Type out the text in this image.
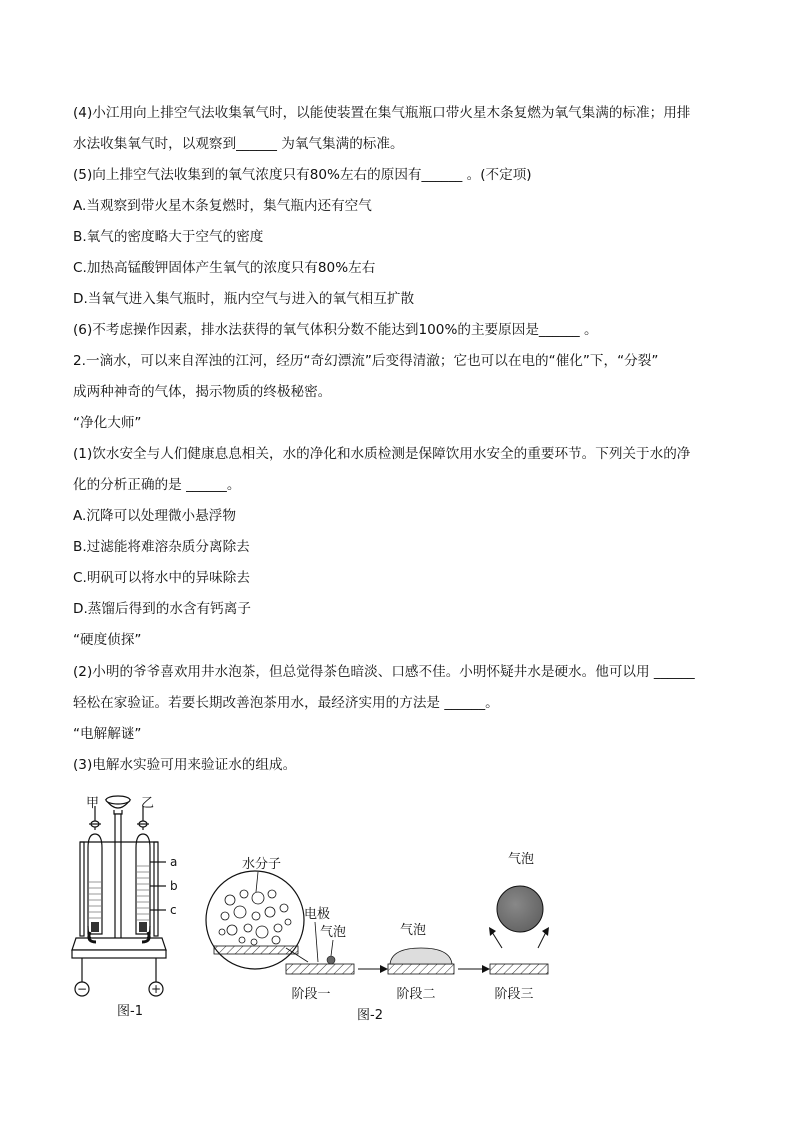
(4)小江用向上排空气法收集氧气时，以能使装置在集气瓶瓶口带火星木条复燃为氧气集满的标准；用排
水法收集氧气时，以观察到______ 为氧气集满的标准。
(5)向上排空气法收集到的氧气浓度只有80%左右的原因有______ 。(不定项)
A.当观察到带火星木条复燃时，集气瓶内还有空气
B.氧气的密度略大于空气的密度
C.加热高锰酸钾固体产生氧气的浓度只有80%左右
D.当氧气进入集气瓶时，瓶内空气与进入的氧气相互扩散
(6)不考虑操作因素，排水法获得的氧气体积分数不能达到100%的主要原因是______ 。
2.一滴水，可以来自浑浊的江河，经历“奇幻漂流”后变得清澈；它也可以在电的“催化”下，“分裂”
成两种神奇的气体，揭示物质的终极秘密。
“净化大师”
(1)饮水安全与人们健康息息相关，水的净化和水质检测是保障饮用水安全的重要环节。下列关于水的净
化的分析正确的是 ______。
A.沉降可以处理微小悬浮物
B.过滤能将难溶杂质分离除去
C.明矾可以将水中的异味除去
D.蒸馏后得到的水含有钙离子
“硬度侦探”
(2)小明的爷爷喜欢用井水泡茶，但总觉得茶色暗淡、口感不佳。小明怀疑井水是硬水。他可以用 ______
轻松在家验证。若要长期改善泡茶用水，最经济实用的方法是 ______。
“电解解谜”
(3)电解水实验可用来验证水的组成。
甲	乙
a
b
c
−	+
图-1
水分子
电极
气泡	气泡
气泡
阶段一	阶段二	阶段三
图-2
